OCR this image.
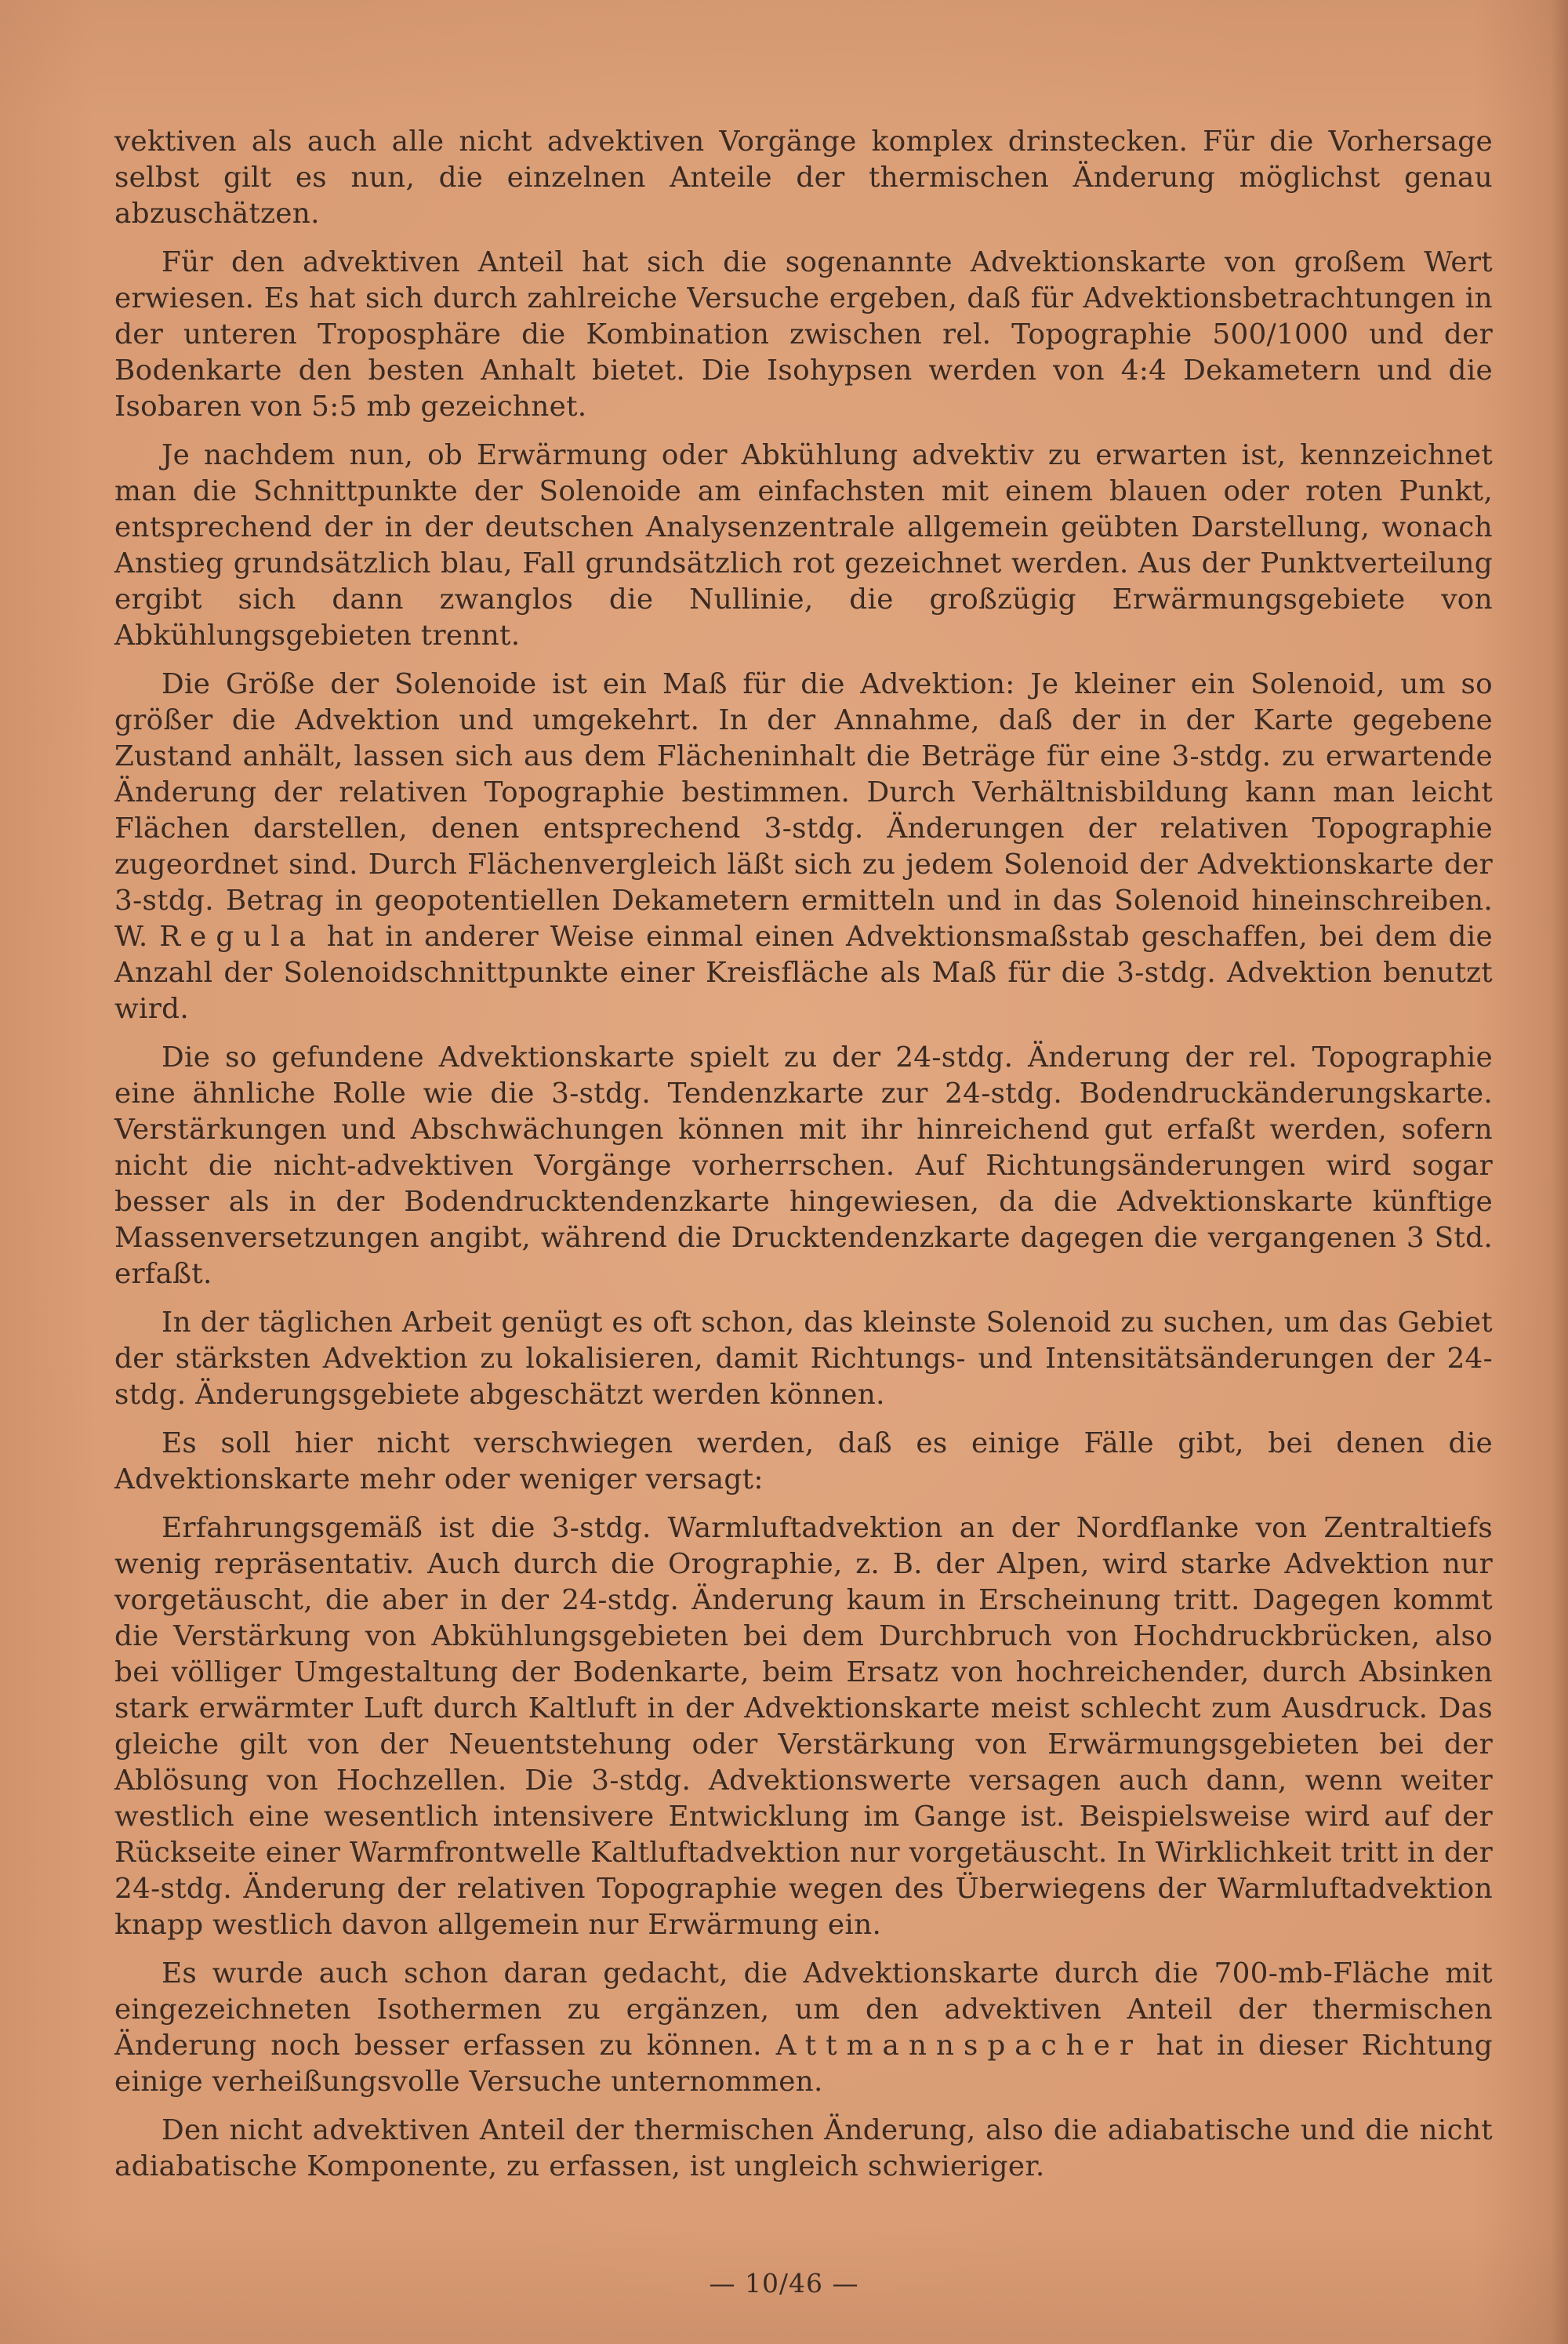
vektiven als auch alle nicht advektiven Vorgänge komplex drinstecken. Für die Vorhersage selbst gilt es nun, die einzelnen Anteile der thermischen Änderung möglichst genau abzuschätzen.

Für den advektiven Anteil hat sich die sogenannte Advektionskarte von großem Wert erwiesen. Es hat sich durch zahlreiche Versuche ergeben, daß für Advektionsbetrachtungen in der unteren Troposphäre die Kombination zwischen rel. Topographie 500/1000 und der Bodenkarte den besten Anhalt bietet. Die Isohypsen werden von 4:4 Dekametern und die Isobaren von 5:5 mb gezeichnet.

Je nachdem nun, ob Erwärmung oder Abkühlung advektiv zu erwarten ist, kennzeichnet man die Schnittpunkte der Solenoide am einfachsten mit einem blauen oder roten Punkt, entsprechend der in der deutschen Analysenzentrale allgemein geübten Darstellung, wonach Anstieg grundsätzlich blau, Fall grundsätzlich rot gezeichnet werden. Aus der Punktverteilung ergibt sich dann zwanglos die Nullinie, die großzügig Erwärmungsgebiete von Abkühlungsgebieten trennt.

Die Größe der Solenoide ist ein Maß für die Advektion: Je kleiner ein Solenoid, um so größer die Advektion und umgekehrt. In der Annahme, daß der in der Karte gegebene Zustand anhält, lassen sich aus dem Flächeninhalt die Beträge für eine 3-stdg. zu erwartende Änderung der relativen Topographie bestimmen. Durch Verhältnisbildung kann man leicht Flächen darstellen, denen entsprechend 3-stdg. Änderungen der relativen Topographie zugeordnet sind. Durch Flächenvergleich läßt sich zu jedem Solenoid der Advektionskarte der 3-stdg. Betrag in geopotentiellen Dekametern ermitteln und in das Solenoid hineinschreiben. W. Regula hat in anderer Weise einmal einen Advektionsmaßstab geschaffen, bei dem die Anzahl der Solenoidschnittpunkte einer Kreisfläche als Maß für die 3-stdg. Advektion benutzt wird.

Die so gefundene Advektionskarte spielt zu der 24-stdg. Änderung der rel. Topographie eine ähnliche Rolle wie die 3-stdg. Tendenzkarte zur 24-stdg. Bodendruckänderungskarte. Verstärkungen und Abschwächungen können mit ihr hinreichend gut erfaßt werden, sofern nicht die nicht-advektiven Vorgänge vorherrschen. Auf Richtungsänderungen wird sogar besser als in der Bodendrucktendenzkarte hingewiesen, da die Advektionskarte künftige Massenversetzungen angibt, während die Drucktendenzkarte dagegen die vergangenen 3 Std. erfaßt.

In der täglichen Arbeit genügt es oft schon, das kleinste Solenoid zu suchen, um das Gebiet der stärksten Advektion zu lokalisieren, damit Richtungs- und Intensitätsänderungen der 24-stdg. Änderungsgebiete abgeschätzt werden können.

Es soll hier nicht verschwiegen werden, daß es einige Fälle gibt, bei denen die Advektionskarte mehr oder weniger versagt:

Erfahrungsgemäß ist die 3-stdg. Warmluftadvektion an der Nordflanke von Zentraltiefs wenig repräsentativ. Auch durch die Orographie, z. B. der Alpen, wird starke Advektion nur vorgetäuscht, die aber in der 24-stdg. Änderung kaum in Erscheinung tritt. Dagegen kommt die Verstärkung von Abkühlungsgebieten bei dem Durchbruch von Hochdruckbrücken, also bei völliger Umgestaltung der Bodenkarte, beim Ersatz von hochreichender, durch Absinken stark erwärmter Luft durch Kaltluft in der Advektionskarte meist schlecht zum Ausdruck. Das gleiche gilt von der Neuentstehung oder Verstärkung von Erwärmungsgebieten bei der Ablösung von Hochzellen. Die 3-stdg. Advektionswerte versagen auch dann, wenn weiter westlich eine wesentlich intensivere Entwicklung im Gange ist. Beispielsweise wird auf der Rückseite einer Warmfrontwelle Kaltluftadvektion nur vorgetäuscht. In Wirklichkeit tritt in der 24-stdg. Änderung der relativen Topographie wegen des Überwiegens der Warmluftadvektion knapp westlich davon allgemein nur Erwärmung ein.

Es wurde auch schon daran gedacht, die Advektionskarte durch die 700-mb-Fläche mit eingezeichneten Isothermen zu ergänzen, um den advektiven Anteil der thermischen Änderung noch besser erfassen zu können. Attmannspacher hat in dieser Richtung einige verheißungsvolle Versuche unternommen.

Den nicht advektiven Anteil der thermischen Änderung, also die adiabatische und die nicht adiabatische Komponente, zu erfassen, ist ungleich schwieriger.

— 10/46 —
